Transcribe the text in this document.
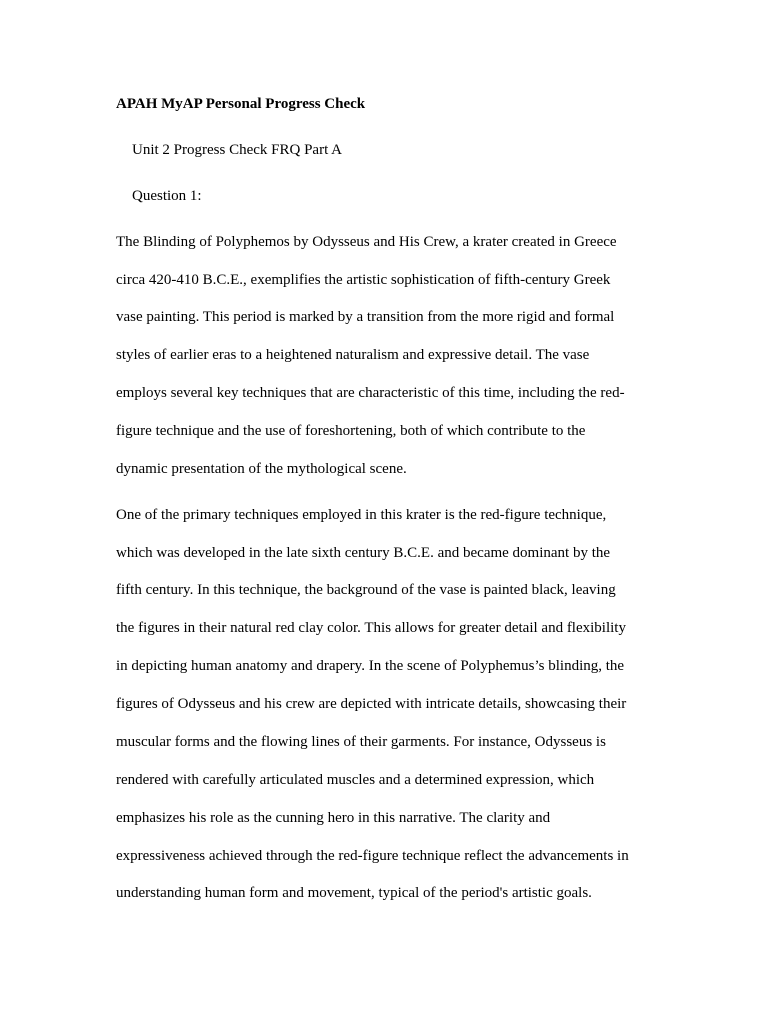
APAH MyAP Personal Progress Check

Unit 2 Progress Check FRQ Part A

Question 1:

The Blinding of Polyphemos by Odysseus and His Crew, a krater created in Greece

circa 420-410 B.C.E., exemplifies the artistic sophistication of fifth-century Greek

vase painting. This period is marked by a transition from the more rigid and formal

styles of earlier eras to a heightened naturalism and expressive detail. The vase

employs several key techniques that are characteristic of this time, including the red-

figure technique and the use of foreshortening, both of which contribute to the

dynamic presentation of the mythological scene.

One of the primary techniques employed in this krater is the red-figure technique,

which was developed in the late sixth century B.C.E. and became dominant by the

fifth century. In this technique, the background of the vase is painted black, leaving

the figures in their natural red clay color. This allows for greater detail and flexibility

in depicting human anatomy and drapery. In the scene of Polyphemus’s blinding, the

figures of Odysseus and his crew are depicted with intricate details, showcasing their

muscular forms and the flowing lines of their garments. For instance, Odysseus is

rendered with carefully articulated muscles and a determined expression, which

emphasizes his role as the cunning hero in this narrative. The clarity and

expressiveness achieved through the red-figure technique reflect the advancements in

understanding human form and movement, typical of the period's artistic goals.
